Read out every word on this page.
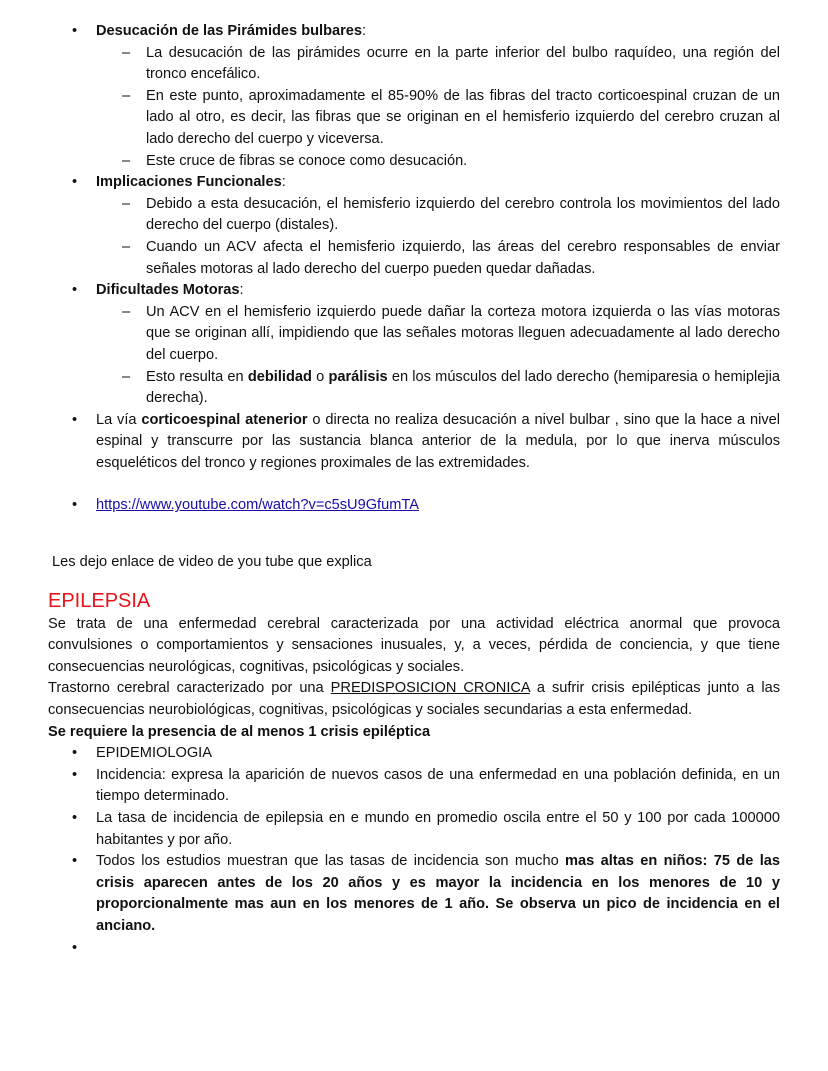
• Desucación de las Pirámides bulbares:
– La desucación de las pirámides ocurre en la parte inferior del bulbo raquídeo, una región del tronco encefálico.
– En este punto, aproximadamente el 85-90% de las fibras del tracto corticoespinal cruzan de un lado al otro, es decir, las fibras que se originan en el hemisferio izquierdo del cerebro cruzan al lado derecho del cuerpo y viceversa.
– Este cruce de fibras se conoce como desucación.
• Implicaciones Funcionales:
– Debido a esta desucación, el hemisferio izquierdo del cerebro controla los movimientos del lado derecho del cuerpo (distales).
– Cuando un ACV afecta el hemisferio izquierdo, las áreas del cerebro responsables de enviar señales motoras al lado derecho del cuerpo pueden quedar dañadas.
• Dificultades Motoras:
– Un ACV en el hemisferio izquierdo puede dañar la corteza motora izquierda o las vías motoras que se originan allí, impidiendo que las señales motoras lleguen adecuadamente al lado derecho del cuerpo.
– Esto resulta en debilidad o parálisis en los músculos del lado derecho (hemiparesia o hemiplejia derecha).
• La vía corticoespinal atenerior o directa no realiza desucación a nivel bulbar , sino que la hace a nivel espinal y transcurre por las sustancia blanca anterior de la medula, por lo que inerva músculos esqueléticos del tronco y regiones proximales de las extremidades.
• https://www.youtube.com/watch?v=c5sU9GfumTA
Les dejo enlace de video de you tube que explica
EPILEPSIA
Se trata de una enfermedad cerebral caracterizada por una actividad eléctrica anormal que provoca convulsiones o comportamientos y sensaciones inusuales, y, a veces, pérdida de conciencia, y que tiene consecuencias neurológicas, cognitivas, psicológicas y sociales.
Trastorno cerebral caracterizado por una PREDISPOSICION CRONICA a sufrir crisis epilépticas junto a las consecuencias neurobiológicas, cognitivas, psicológicas y sociales secundarias a esta enfermedad.
Se requiere la presencia de al menos 1 crisis epiléptica
• EPIDEMIOLOGIA
• Incidencia: expresa la aparición de nuevos casos de una enfermedad en una población definida, en un tiempo determinado.
• La tasa de incidencia de epilepsia en e mundo en promedio oscila entre el 50 y 100 por cada 100000 habitantes y por año.
• Todos los estudios muestran que las tasas de incidencia son mucho mas altas en niños: 75 de las crisis aparecen antes de los 20 años y es mayor la incidencia en los menores de 10 y proporcionalmente mas aun en los menores de 1 año. Se observa un pico de incidencia en el anciano.
•
